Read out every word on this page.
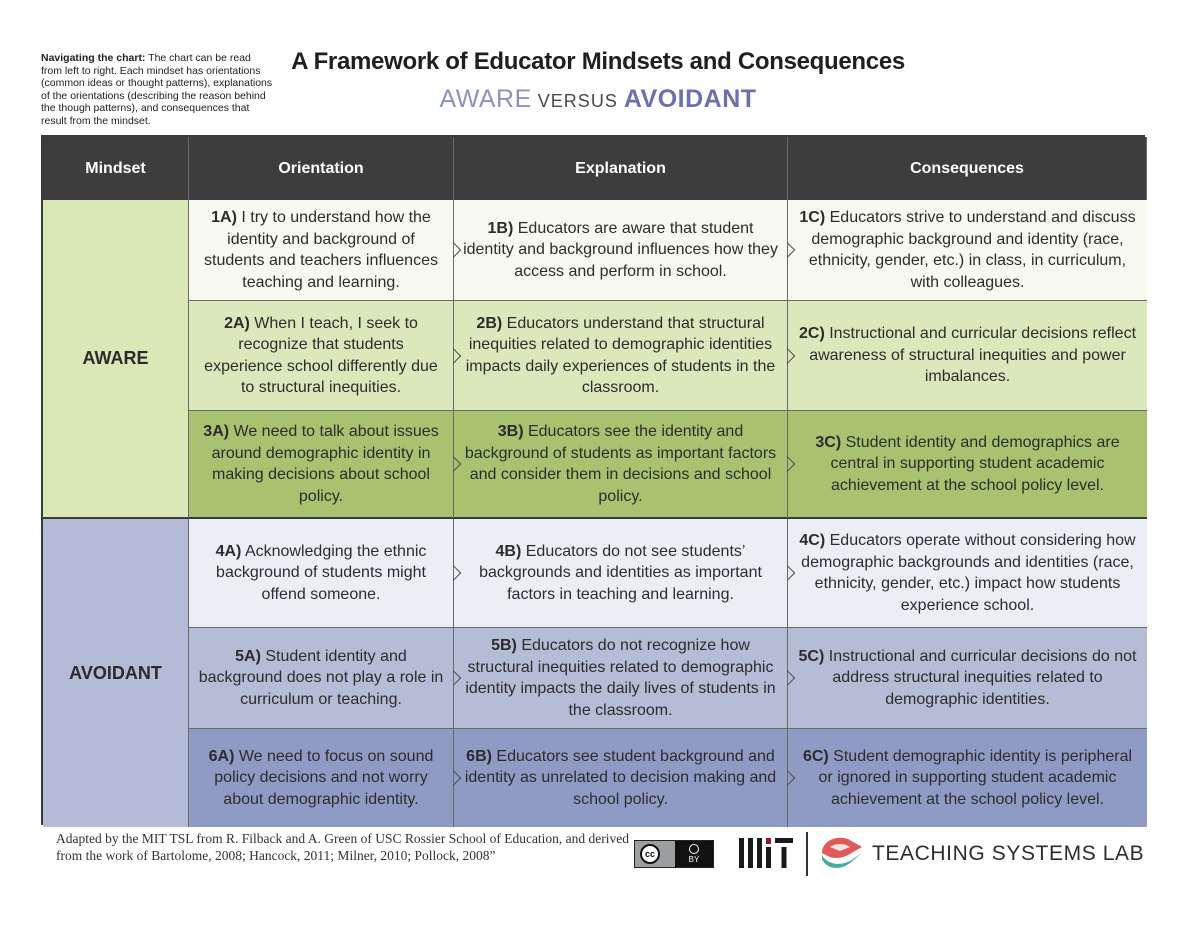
Navigating the chart: The chart can be read from left to right. Each mindset has orientations (common ideas or thought patterns), explanations of the orientations (describing the reason behind the though patterns), and consequences that result from the mindset.
A Framework of Educator Mindsets and Consequences
AWARE VERSUS AVOIDANT
Mindset	Orientation	Explanation	Consequences
AWARE
1A) I try to understand how the identity and background of students and teachers influences teaching and learning.
1B) Educators are aware that student identity and background influences how they access and perform in school.
1C) Educators strive to understand and discuss demographic background and identity (race, ethnicity, gender, etc.) in class, in curriculum, with colleagues.
2A) When I teach, I seek to recognize that students experience school differently due to structural inequities.
2B) Educators understand that structural inequities related to demographic identities impacts daily experiences of students in the classroom.
2C) Instructional and curricular decisions reflect awareness of structural inequities and power imbalances.
3A) We need to talk about issues around demographic identity in making decisions about school policy.
3B) Educators see the identity and background of students as important factors and consider them in decisions and school policy.
3C) Student identity and demographics are central in supporting student academic achievement at the school policy level.
AVOIDANT
4A) Acknowledging the ethnic background of students might offend someone.
4B) Educators do not see students’ backgrounds and identities as important factors in teaching and learning.
4C) Educators operate without considering how demographic backgrounds and identities (race, ethnicity, gender, etc.) impact how students experience school.
5A) Student identity and background does not play a role in curriculum or teaching.
5B) Educators do not recognize how structural inequities related to demographic identity impacts the daily lives of students in the classroom.
5C) Instructional and curricular decisions do not address structural inequities related to demographic identities.
6A) We need to focus on sound policy decisions and not worry about demographic identity.
6B) Educators see student background and identity as unrelated to decision making and school policy.
6C) Student demographic identity is peripheral or ignored in supporting student academic achievement at the school policy level.
Adapted by the MIT TSL from R. Filback and A. Green of USC Rossier School of Education, and derived from the work of Bartolome, 2008; Hancock, 2011; Milner, 2010; Pollock, 2008”	cc
BY	TEACHING SYSTEMS LAB
